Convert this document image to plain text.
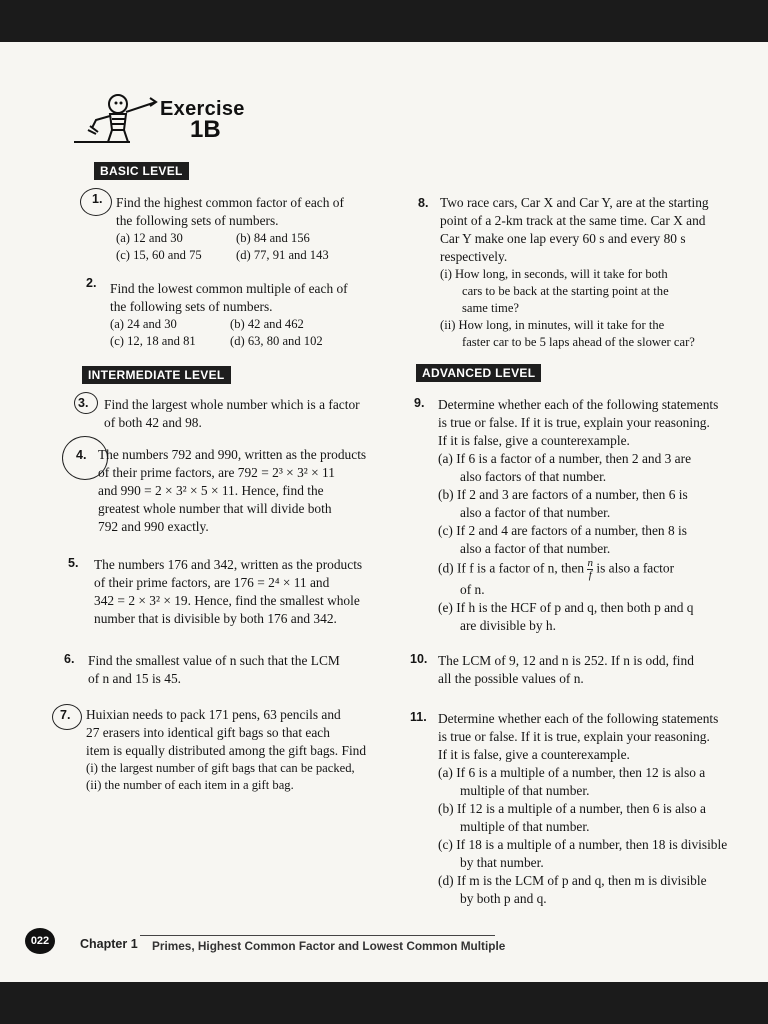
Exercise
1B
BASIC LEVEL
INTERMEDIATE LEVEL	ADVANCED LEVEL
1. Find the highest common factor of each of
the following sets of numbers.
(a) 12 and 30	(b) 84 and 156
(c) 15, 60 and 75	(d) 77, 91 and 143
2. Find the lowest common multiple of each of
the following sets of numbers.
(a) 24 and 30	(b) 42 and 462
(c) 12, 18 and 81	(d) 63, 80 and 102
3. Find the largest whole number which is a factor
of both 42 and 98.
4. The numbers 792 and 990, written as the products
of their prime factors, are 792 = 2³ × 3² × 11
and 990 = 2 × 3² × 5 × 11. Hence, find the
greatest whole number that will divide both
792 and 990 exactly.
5. The numbers 176 and 342, written as the products
of their prime factors, are 176 = 2⁴ × 11 and
342 = 2 × 3² × 19. Hence, find the smallest whole
number that is divisible by both 176 and 342.
6. Find the smallest value of n such that the LCM
of n and 15 is 45.
7. Huixian needs to pack 171 pens, 63 pencils and
27 erasers into identical gift bags so that each
item is equally distributed among the gift bags. Find
(i) the largest number of gift bags that can be packed,
(ii) the number of each item in a gift bag.
8. Two race cars, Car X and Car Y, are at the starting
point of a 2-km track at the same time. Car X and
Car Y make one lap every 60 s and every 80 s
respectively.
(i) How long, in seconds, will it take for both
cars to be back at the starting point at the
same time?
(ii) How long, in minutes, will it take for the
faster car to be 5 laps ahead of the slower car?
9. Determine whether each of the following statements
is true or false. If it is true, explain your reasoning.
If it is false, give a counterexample.
(a) If 6 is a factor of a number, then 2 and 3 are
also factors of that number.
(b) If 2 and 3 are factors of a number, then 6 is
also a factor of that number.
(c) If 2 and 4 are factors of a number, then 8 is
also a factor of that number.
(d) If f is a factor of n, then $\frac{n}{f}$ is also a factor
of n.
(e) If h is the HCF of p and q, then both p and q
are divisible by h.
10. The LCM of 9, 12 and n is 252. If n is odd, find
all the possible values of n.
11. Determine whether each of the following statements
is true or false. If it is true, explain your reasoning.
If it is false, give a counterexample.
(a) If 6 is a multiple of a number, then 12 is also a
multiple of that number.
(b) If 12 is a multiple of a number, then 6 is also a
multiple of that number.
(c) If 18 is a multiple of a number, then 18 is divisible
by that number.
(d) If m is the LCM of p and q, then m is divisible
by both p and q.
022	Chapter 1 Primes, Highest Common Factor and Lowest Common Multiple
